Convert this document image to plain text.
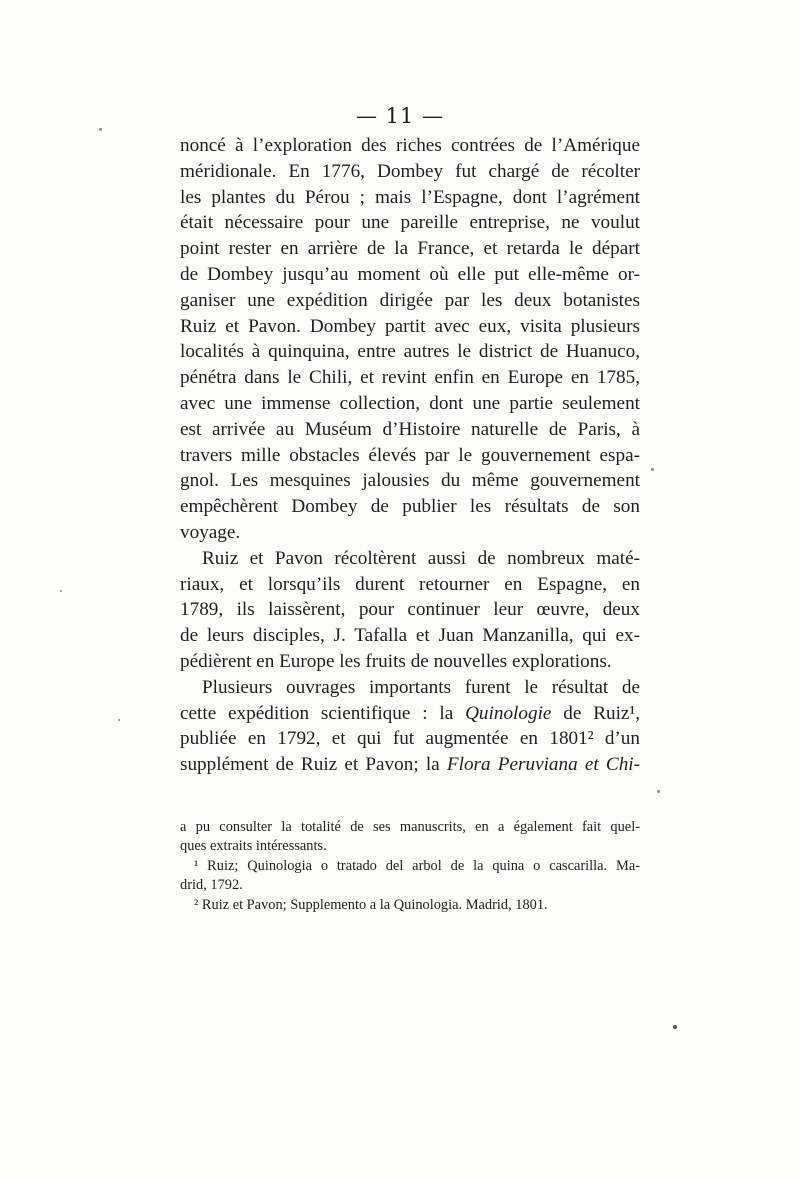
— 11 —
noncé à l’exploration des riches contrées de l’Amérique
méridionale. En 1776, Dombey fut chargé de récolter
les plantes du Pérou ; mais l’Espagne, dont l’agrément
était nécessaire pour une pareille entreprise, ne voulut
point rester en arrière de la France, et retarda le départ
de Dombey jusqu’au moment où elle put elle-même or-
ganiser une expédition dirigée par les deux botanistes
Ruiz et Pavon. Dombey partit avec eux, visita plusieurs
localités à quinquina, entre autres le district de Huanuco,
pénétra dans le Chili, et revint enfin en Europe en 1785,
avec une immense collection, dont une partie seulement
est arrivée au Muséum d’Histoire naturelle de Paris, à
travers mille obstacles élevés par le gouvernement espa-
gnol. Les mesquines jalousies du même gouvernement
empêchèrent Dombey de publier les résultats de son
voyage.
Ruiz et Pavon récoltèrent aussi de nombreux maté-
riaux, et lorsqu’ils durent retourner en Espagne, en
1789, ils laissèrent, pour continuer leur œuvre, deux
de leurs disciples, J. Tafalla et Juan Manzanilla, qui ex-
pédièrent en Europe les fruits de nouvelles explorations.
Plusieurs ouvrages importants furent le résultat de
cette expédition scientifique : la Quinologie de Ruiz¹,
publiée en 1792, et qui fut augmentée en 1801² d’un
supplément de Ruiz et Pavon; la Flora Peruviana et Chi-
a pu consulter la totalité de ses manuscrits, en a également fait quel-
ques extraits intéressants.
¹ Ruiz; Quinologia o tratado del arbol de la quina o cascarilla. Ma-
drid, 1792.
² Ruiz et Pavon; Supplemento a la Quinologia. Madrid, 1801.
